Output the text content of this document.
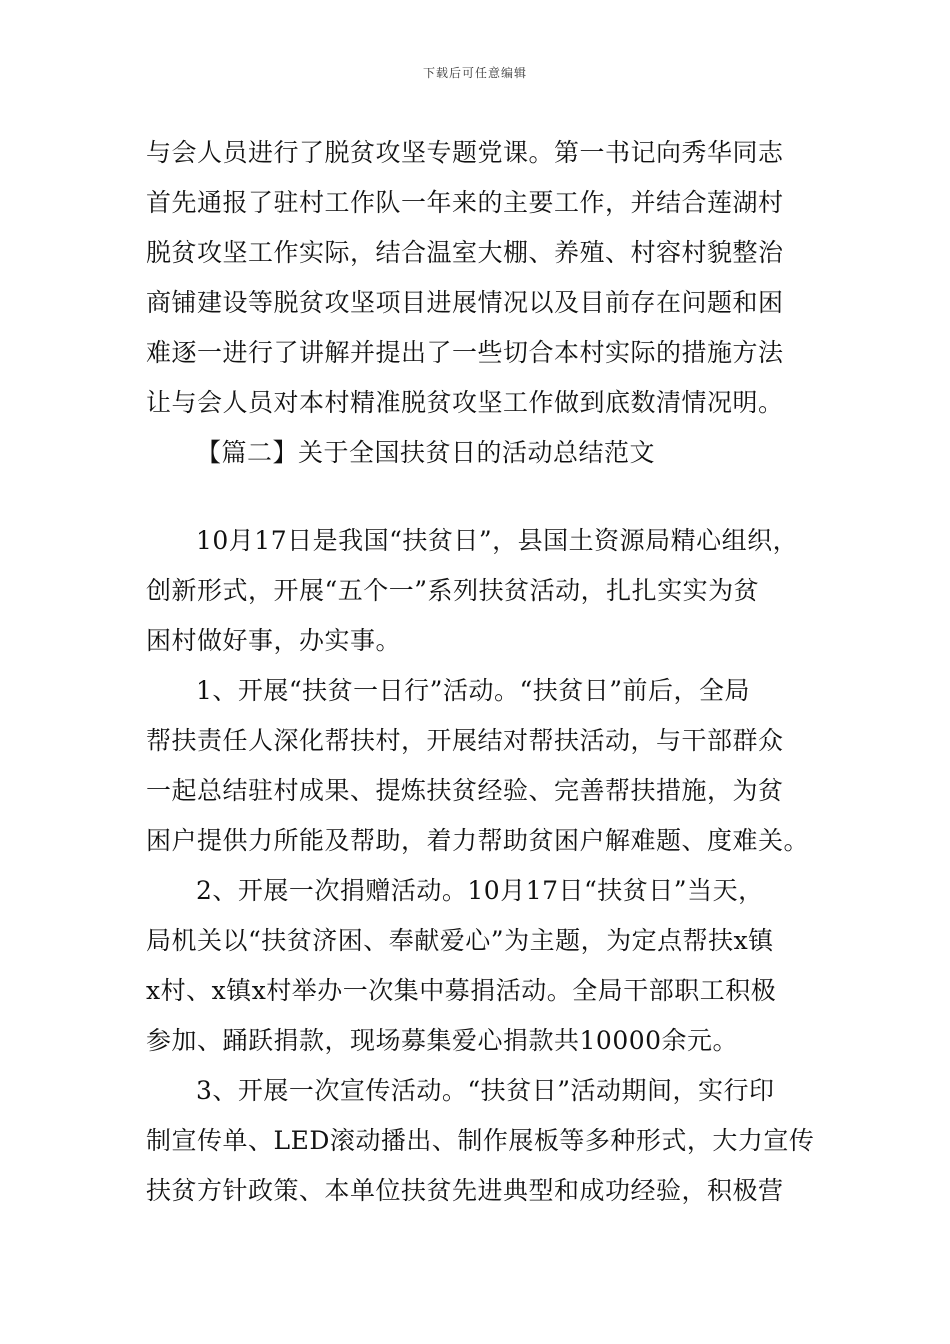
下载后可任意编辑
与会人员进行了脱贫攻坚专题党课。第一书记向秀华同志
首先通报了驻村工作队一年来的主要工作，并结合莲湖村
脱贫攻坚工作实际，结合温室大棚、养殖、村容村貌整治
商铺建设等脱贫攻坚项目进展情况以及目前存在问题和困
难逐一进行了讲解并提出了一些切合本村实际的措施方法
让与会人员对本村精准脱贫攻坚工作做到底数清情况明。
【篇二】关于全国扶贫日的活动总结范文
10月17日是我国“扶贫日”，县国土资源局精心组织，
创新形式，开展“五个一”系列扶贫活动，扎扎实实为贫
困村做好事，办实事。
1、开展“扶贫一日行”活动。“扶贫日”前后，全局
帮扶责任人深化帮扶村，开展结对帮扶活动，与干部群众
一起总结驻村成果、提炼扶贫经验、完善帮扶措施，为贫
困户提供力所能及帮助，着力帮助贫困户解难题、度难关。
2、开展一次捐赠活动。10月17日“扶贫日”当天，
局机关以“扶贫济困、奉献爱心”为主题，为定点帮扶x镇
x村、x镇x村举办一次集中募捐活动。全局干部职工积极
参加、踊跃捐款，现场募集爱心捐款共10000余元。
3、开展一次宣传活动。“扶贫日”活动期间，实行印
制宣传单、LED滚动播出、制作展板等多种形式，大力宣传
扶贫方针政策、本单位扶贫先进典型和成功经验，积极营
